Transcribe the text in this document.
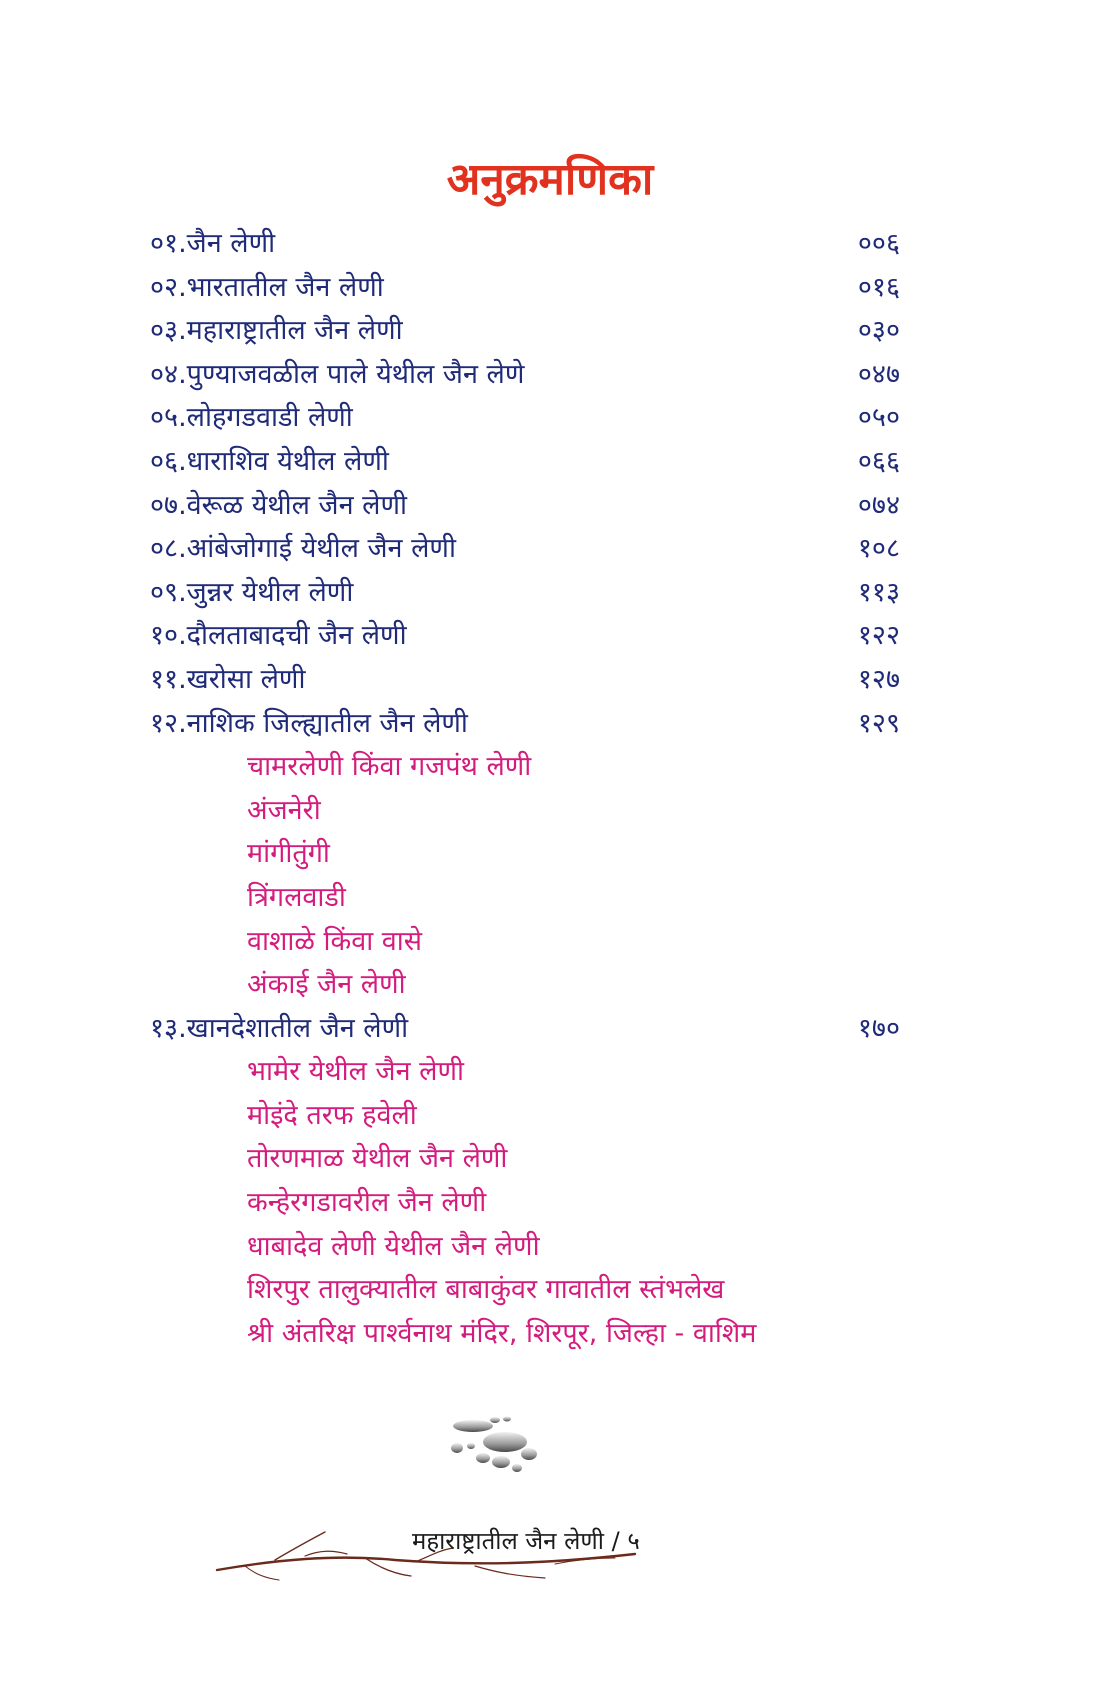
अनुक्रमणिका
०१.जैन लेणी	००६
०२.भारतातील जैन लेणी	०१६
०३.महाराष्ट्रातील जैन लेणी	०३०
०४.पुण्याजवळील पाले येथील जैन लेणे	०४७
०५.लोहगडवाडी लेणी	०५०
०६.धाराशिव येथील लेणी	०६६
०७.वेरूळ येथील जैन लेणी	०७४
०८.आंबेजोगाई येथील जैन लेणी	१०८
०९.जुन्नर येथील लेणी	११३
१०.दौलताबादची जैन लेणी	१२२
११.खरोसा लेणी	१२७
१२.नाशिक जिल्ह्यातील जैन लेणी	१२९
चामरलेणी किंवा गजपंथ लेणी
अंजनेरी
मांगीतुंगी
त्रिंगलवाडी
वाशाळे किंवा वासे
अंकाई जैन लेणी
१३.खानदेशातील जैन लेणी	१७०
भामेर येथील जैन लेणी
मोइंदे तरफ हवेली
तोरणमाळ येथील जैन लेणी
कन्हेरगडावरील जैन लेणी
धाबादेव लेणी येथील जैन लेणी
शिरपुर तालुक्यातील बाबाकुंवर गावातील स्तंभलेख
श्री अंतरिक्ष पार्श्वनाथ मंदिर, शिरपूर, जिल्हा - वाशिम
महाराष्ट्रातील जैन लेणी / ५
